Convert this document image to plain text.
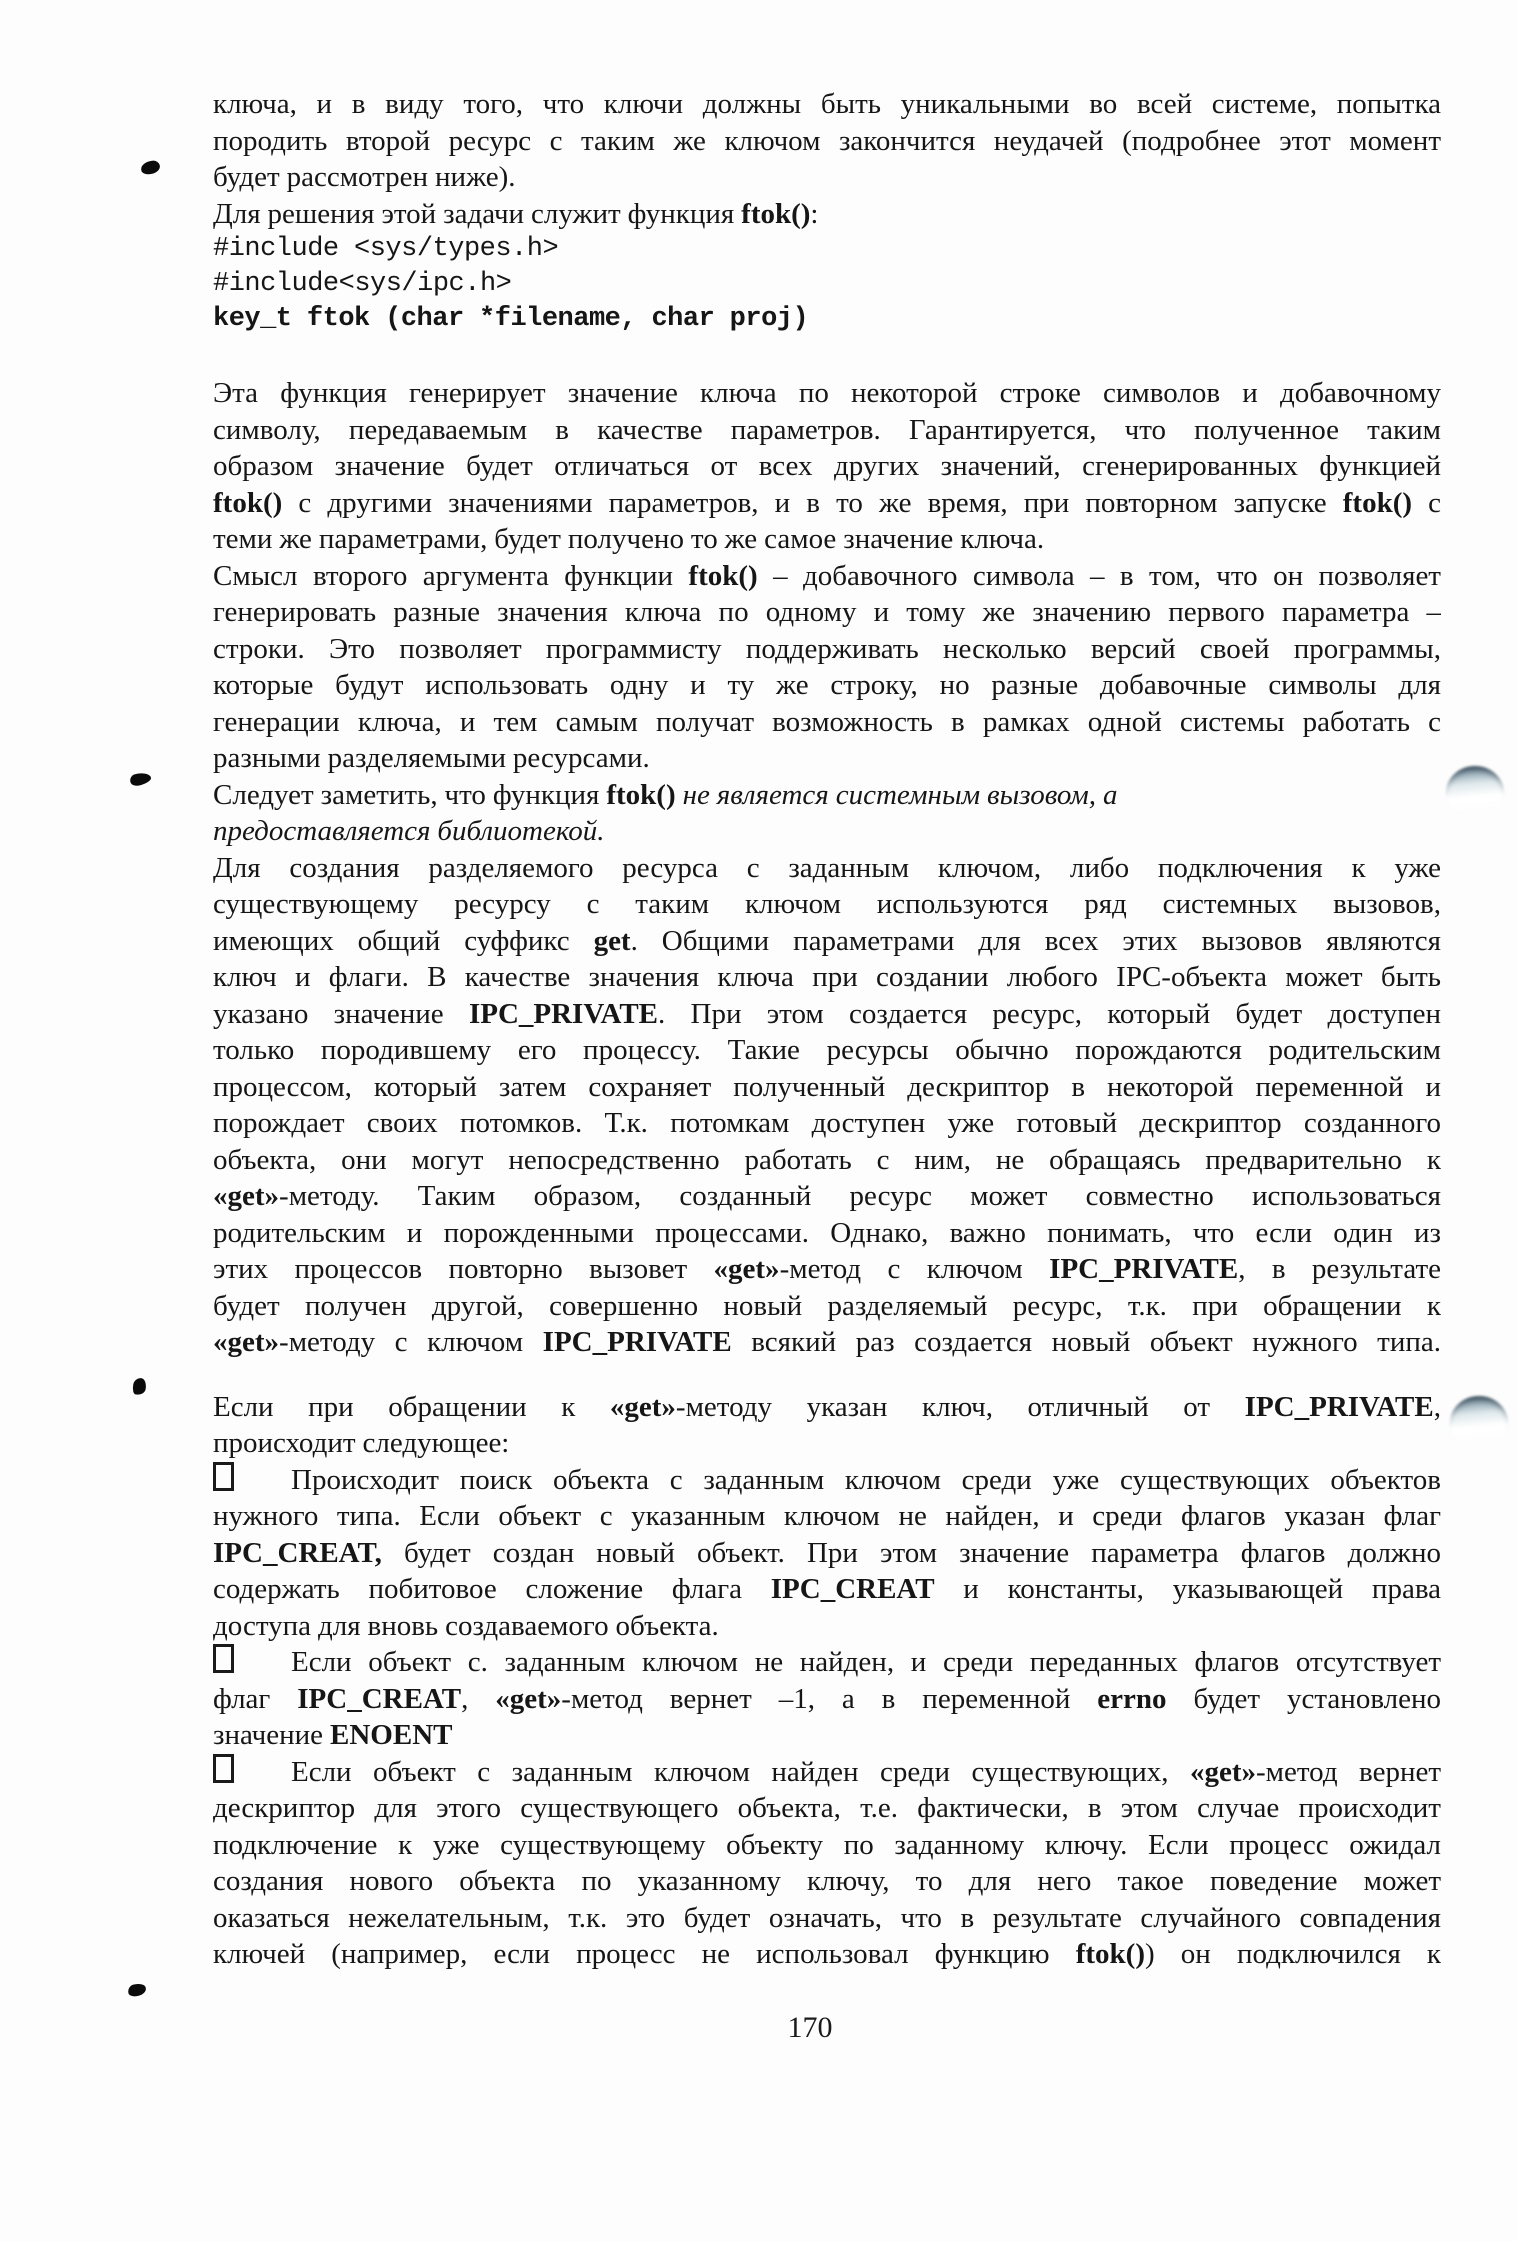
ключа, и в виду того, что ключи должны быть уникальными во всей системе, попытка
породить второй ресурс с таким же ключом закончится неудачей (подробнее этот момент
будет рассмотрен ниже).
Для решения этой задачи служит функция ftok():
#include <sys/types.h>
#include<sys/ipc.h>
key_t ftok (char *filename, char proj)
Эта функция генерирует значение ключа по некоторой строке символов и добавочному
символу, передаваемым в качестве параметров. Гарантируется, что полученное таким
образом значение будет отличаться от всех других значений, сгенерированных функцией
ftok() с другими значениями параметров, и в то же время, при повторном запуске ftok() с
теми же параметрами, будет получено то же самое значение ключа.
Смысл второго аргумента функции ftok() – добавочного символа – в том, что он позволяет
генерировать разные значения ключа по одному и тому же значению первого параметра –
строки. Это позволяет программисту поддерживать несколько версий своей программы,
которые будут использовать одну и ту же строку, но разные добавочные символы для
генерации ключа, и тем самым получат возможность в рамках одной системы работать с
разными разделяемыми ресурсами.
Следует заметить, что функция ftok() не является системным вызовом, а
предоставляется библиотекой.
Для создания разделяемого ресурса с заданным ключом, либо подключения к уже
существующему ресурсу с таким ключом используются ряд системных вызовов,
имеющих общий суффикс get. Общими параметрами для всех этих вызовов являются
ключ и флаги. В качестве значения ключа при создании любого IPC-объекта может быть
указано значение IPC_PRIVATE. При этом создается ресурс, который будет доступен
только породившему его процессу. Такие ресурсы обычно порождаются родительским
процессом, который затем сохраняет полученный дескриптор в некоторой переменной и
порождает своих потомков. Т.к. потомкам доступен уже готовый дескриптор созданного
объекта, они могут непосредственно работать с ним, не обращаясь предварительно к
«get»-методу. Таким образом, созданный ресурс может совместно использоваться
родительским и порожденными процессами. Однако, важно понимать, что если один из
этих процессов повторно вызовет «get»-метод с ключом IPC_PRIVATE, в результате
будет получен другой, совершенно новый разделяемый ресурс, т.к. при обращении к
«get»-методу с ключом IPC_PRIVATE всякий раз создается новый объект нужного типа.
Если при обращении к «get»-методу указан ключ, отличный от IPC_PRIVATE,
происходит следующее:
Происходит поиск объекта с заданным ключом среди уже существующих объектов
нужного типа. Если объект с указанным ключом не найден, и среди флагов указан флаг
IPC_CREAT, будет создан новый объект. При этом значение параметра флагов должно
содержать побитовое сложение флага IPC_CREAT и константы, указывающей права
доступа для вновь создаваемого объекта.
Если объект с. заданным ключом не найден, и среди переданных флагов отсутствует
флаг IPC_CREAT, «get»-метод вернет –1, а в переменной errno будет установлено
значение ENOENT
Если объект с заданным ключом найден среди существующих, «get»-метод вернет
дескриптор для этого существующего объекта, т.е. фактически, в этом случае происходит
подключение к уже существующему объекту по заданному ключу. Если процесс ожидал
создания нового объекта по указанному ключу, то для него такое поведение может
оказаться нежелательным, т.к. это будет означать, что в результате случайного совпадения
ключей (например, если процесс не использовал функцию ftok()) он подключился к
170
